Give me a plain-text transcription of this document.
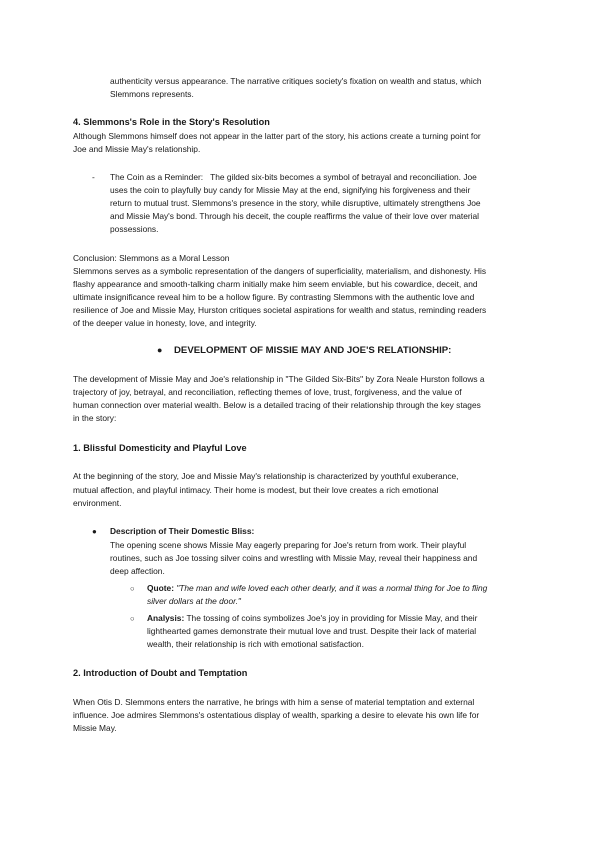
authenticity versus appearance. The narrative critiques society's fixation on wealth and status, which

Slemmons represents.

4. Slemmons's Role in the Story's Resolution

Although Slemmons himself does not appear in the latter part of the story, his actions create a turning point for

Joe and Missie May's relationship.

- The Coin as a Reminder: The gilded six-bits becomes a symbol of betrayal and reconciliation. Joe

uses the coin to playfully buy candy for Missie May at the end, signifying his forgiveness and their

return to mutual trust. Slemmons's presence in the story, while disruptive, ultimately strengthens Joe

and Missie May's bond. Through his deceit, the couple reaffirms the value of their love over material

possessions.

Conclusion: Slemmons as a Moral Lesson

Slemmons serves as a symbolic representation of the dangers of superficiality, materialism, and dishonesty. His

flashy appearance and smooth-talking charm initially make him seem enviable, but his cowardice, deceit, and

ultimate insignificance reveal him to be a hollow figure. By contrasting Slemmons with the authentic love and

resilience of Joe and Missie May, Hurston critiques societal aspirations for wealth and status, reminding readers

of the deeper value in honesty, love, and integrity.

● DEVELOPMENT OF MISSIE MAY AND JOE'S RELATIONSHIP:

The development of Missie May and Joe's relationship in "The Gilded Six-Bits" by Zora Neale Hurston follows a

trajectory of joy, betrayal, and reconciliation, reflecting themes of love, trust, forgiveness, and the value of

human connection over material wealth. Below is a detailed tracing of their relationship through the key stages

in the story:

1. Blissful Domesticity and Playful Love

At the beginning of the story, Joe and Missie May's relationship is characterized by youthful exuberance,

mutual affection, and playful intimacy. Their home is modest, but their love creates a rich emotional

environment.

● Description of Their Domestic Bliss:

The opening scene shows Missie May eagerly preparing for Joe's return from work. Their playful

routines, such as Joe tossing silver coins and wrestling with Missie May, reveal their happiness and

deep affection.

○ Quote: "The man and wife loved each other dearly, and it was a normal thing for Joe to fling

silver dollars at the door."

○ Analysis: The tossing of coins symbolizes Joe's joy in providing for Missie May, and their

lighthearted games demonstrate their mutual love and trust. Despite their lack of material

wealth, their relationship is rich with emotional satisfaction.

2. Introduction of Doubt and Temptation

When Otis D. Slemmons enters the narrative, he brings with him a sense of material temptation and external

influence. Joe admires Slemmons's ostentatious display of wealth, sparking a desire to elevate his own life for

Missie May.
